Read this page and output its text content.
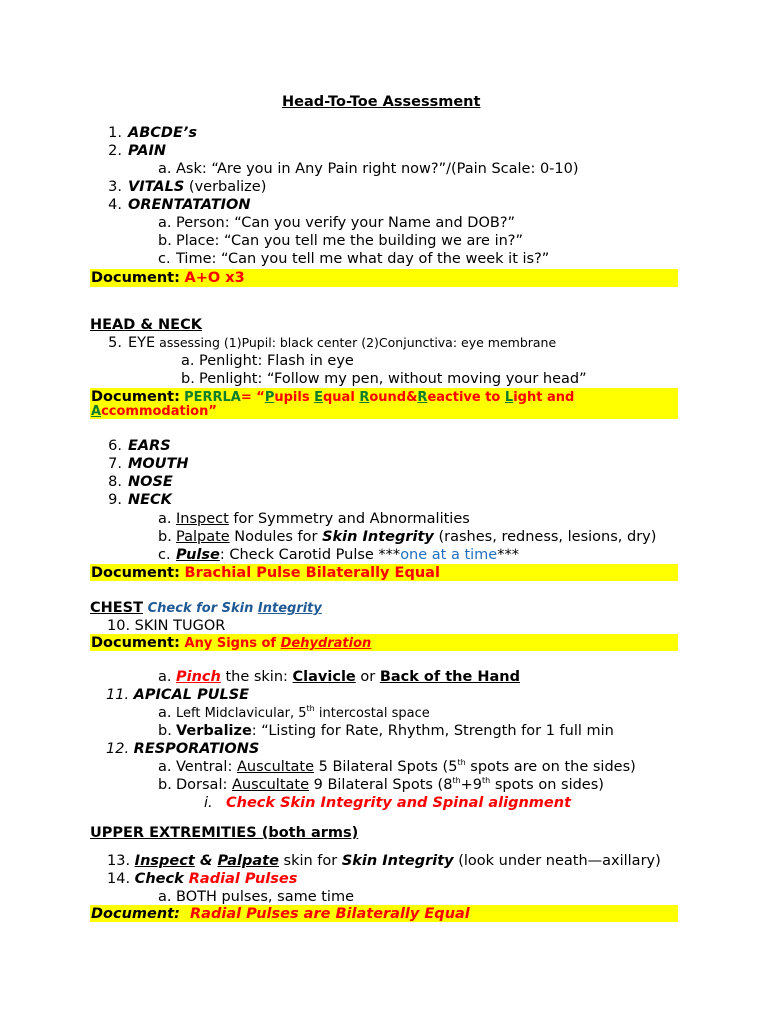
Head-To-Toe Assessment
1. ABCDE’s
2. PAIN
a. Ask: “Are you in Any Pain right now?”/(Pain Scale: 0-10)
3. VITALS (verbalize)
4. ORENTATATION
a. Person: “Can you verify your Name and DOB?”
b. Place: “Can you tell me the building we are in?”
c. Time: “Can you tell me what day of the week it is?”
Document: A+O x3
HEAD & NECK
5. EYE assessing (1)Pupil: black center (2)Conjunctiva: eye membrane
a. Penlight: Flash in eye
b. Penlight: “Follow my pen, without moving your head”
Document: PERRLA= “Pupils Equal Round&Reactive to Light and
Accommodation”
6. EARS
7. MOUTH
8. NOSE
9. NECK
a. Inspect for Symmetry and Abnormalities
b. Palpate Nodules for Skin Integrity (rashes, redness, lesions, dry)
c. Pulse: Check Carotid Pulse ***one at a time***
Document: Brachial Pulse Bilaterally Equal
CHEST Check for Skin Integrity
10. SKIN TUGOR
Document: Any Signs of Dehydration
a. Pinch the skin: Clavicle or Back of the Hand
11. APICAL PULSE
a. Left Midclavicular, 5th intercostal space
b. Verbalize: “Listing for Rate, Rhythm, Strength for 1 full min
12. RESPORATIONS
a. Ventral: Auscultate 5 Bilateral Spots (5th spots are on the sides)
b. Dorsal: Auscultate 9 Bilateral Spots (8th+9th spots on sides)
i. Check Skin Integrity and Spinal alignment
UPPER EXTREMITIES (both arms)
13. Inspect & Palpate skin for Skin Integrity (look under neath—axillary)
14. Check Radial Pulses
a. BOTH pulses, same time
Document:  Radial Pulses are Bilaterally Equal
